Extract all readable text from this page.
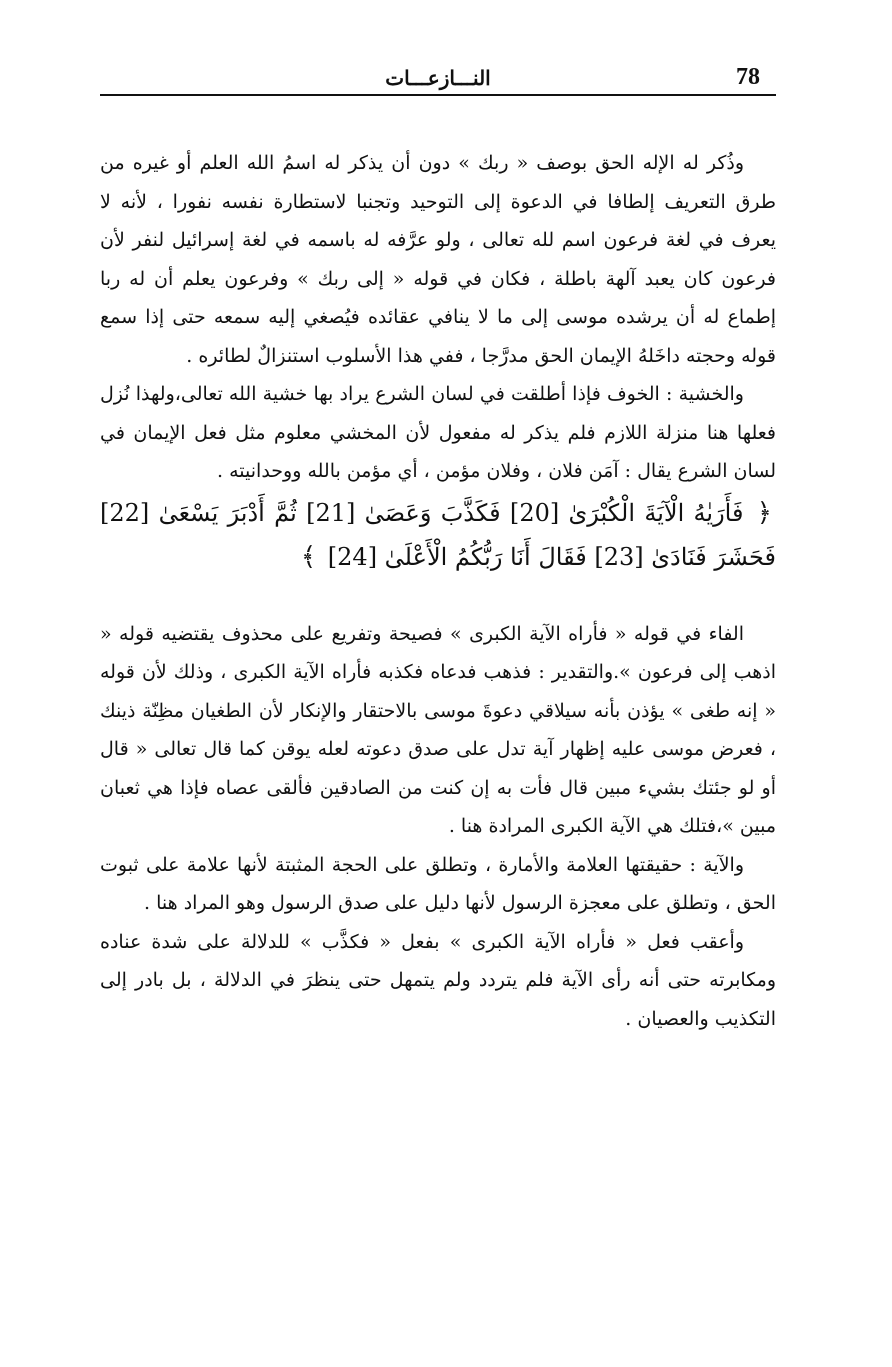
78
النـــازعـــات

وذُكر له الإله الحق بوصف « ربك » دون أن يذكر له اسمُ الله العلم أو غيره من طرق التعريف إلطافا في الدعوة إلى التوحيد وتجنبا لاستطارة نفسه نفورا ، لأنه لا يعرف في لغة فرعون اسم لله تعالى ، ولو عرَّفه له باسمه في لغة إسرائيل لنفر لأن فرعون كان يعبد آلهة باطلة ، فكان في قوله « إلى ربك » وفرعون يعلم أن له ربا إطماع له أن يرشده موسى إلى ما لا ينافي عقائده فيُصغي إليه سمعه حتى إذا سمع قوله وحجته داخَلهُ الإيمان الحق مدرَّجا ، ففي هذا الأسلوب استنزالٌ لطائره .

والخشية : الخوف فإذا أطلقت في لسان الشرع يراد بها خشية الله تعالى،ولهذا نُزل فعلها هنا منزلة اللازم فلم يذكر له مفعول لأن المخشي معلوم مثل فعل الإيمان في لسان الشرع يقال : آمَن فلان ، وفلان مؤمن ، أي مؤمن بالله ووحدانيته .

﴿ فَأَرَيٰهُ الْآيَةَ الْكُبْرَىٰ [20] فَكَذَّبَ وَعَصَىٰ [21] ثُمَّ أَدْبَرَ يَسْعَىٰ [22] فَحَشَرَ فَنَادَىٰ [23] فَقَالَ أَنَا رَبُّكُمُ الْأَعْلَىٰ [24] ﴾

الفاء في قوله « فأراه الآية الكبرى » فصيحة وتفريع على محذوف يقتضيه قوله « اذهب إلى فرعون ».والتقدير : فذهب فدعاه فكذبه فأراه الآية الكبرى ، وذلك لأن قوله « إنه طغى » يؤذن بأنه سيلاقي دعوةَ موسى بالاحتقار والإنكار لأن الطغيان مظِنّة ذينك ، فعرض موسى عليه إظهار آية تدل على صدق دعوته لعله يوقن كما قال تعالى « قال أو لو جئتك بشيء مبين قال فأت به إن كنت من الصادقين فألقى عصاه فإذا هي ثعبان مبين »،فتلك هي الآية الكبرى المرادة هنا .

والآية : حقيقتها العلامة والأمارة ، وتطلق على الحجة المثبتة لأنها علامة على ثبوت الحق ، وتطلق على معجزة الرسول لأنها دليل على صدق الرسول وهو المراد هنا .

وأعقب فعل « فأراه الآية الكبرى » بفعل « فكذَّب » للدلالة على شدة عناده ومكابرته حتى أنه رأى الآية فلم يتردد ولم يتمهل حتى ينظرَ في الدلالة ، بل بادر إلى التكذيب والعصيان .
